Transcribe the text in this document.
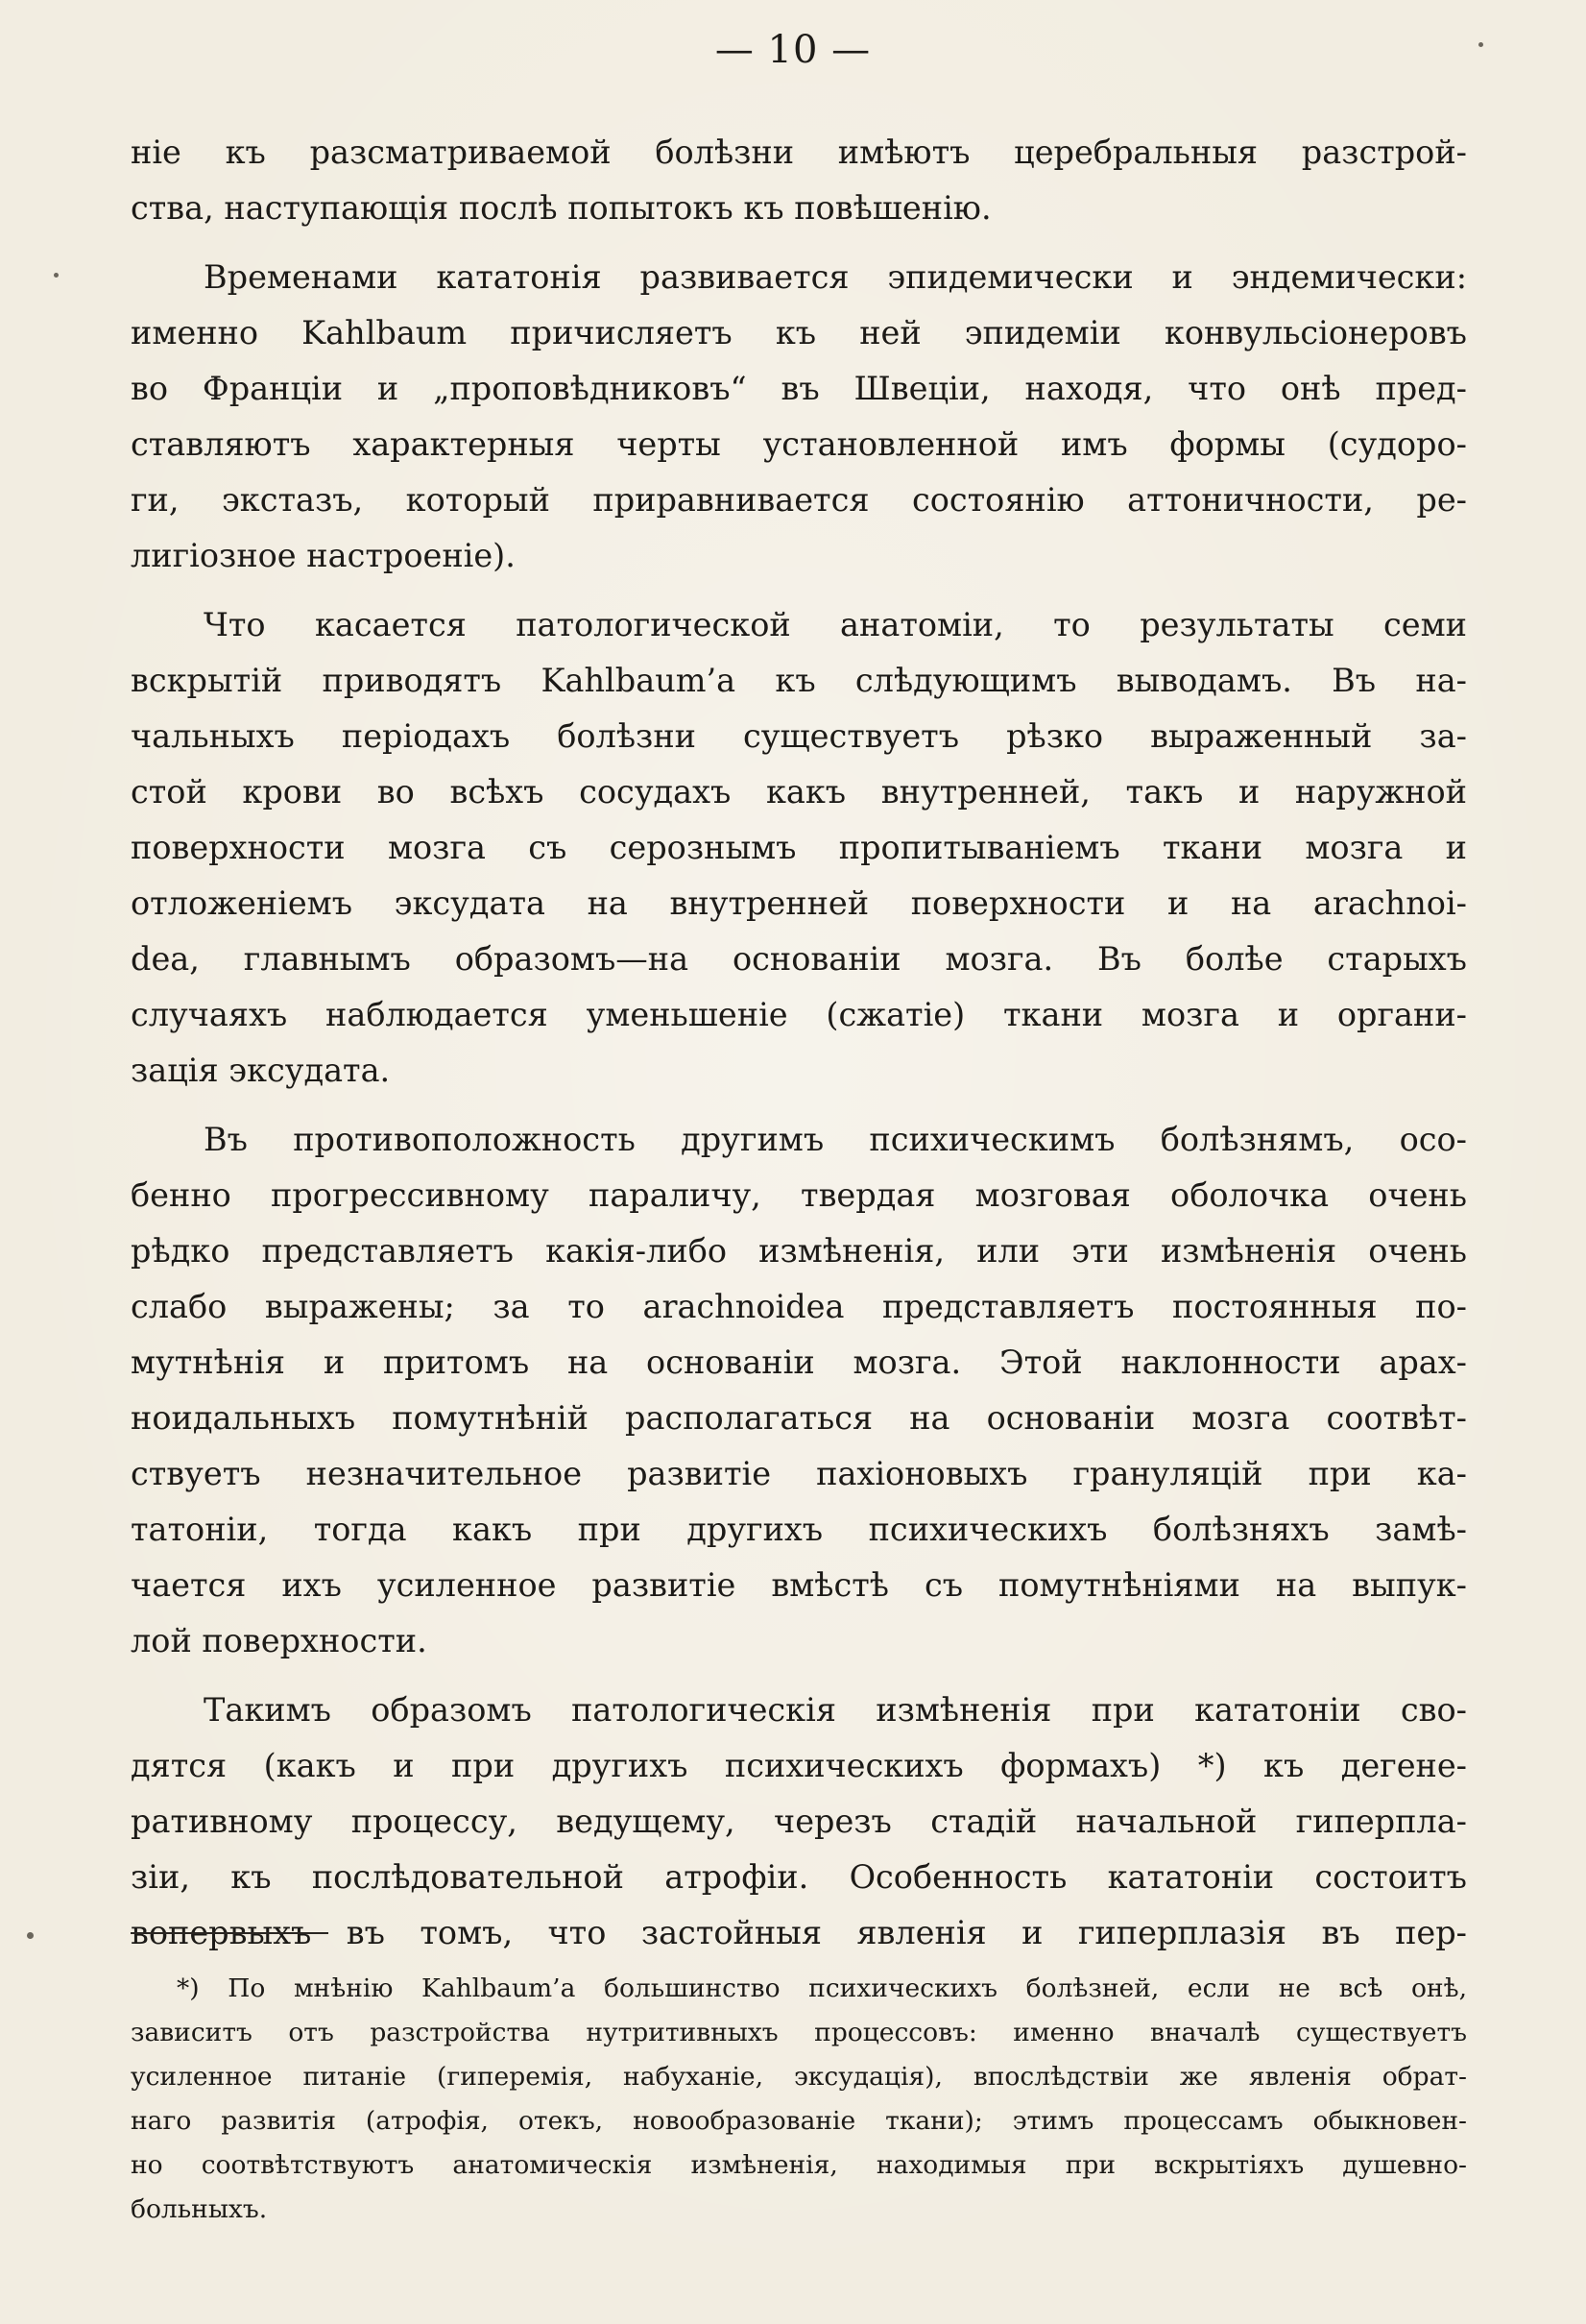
— 10 —
ніе къ разсматриваемой болѣзни имѣютъ церебральныя разстрой-
ства, наступающія послѣ попытокъ къ повѣшенію.
Временами кататонія развивается эпидемически и эндемически:
именно Kahlbaum причисляетъ къ ней эпидеміи конвульсіонеровъ
во Франціи и „проповѣдниковъ“ въ Швеціи, находя, что онѣ пред-
ставляютъ характерныя черты установленной имъ формы (судоро-
ги, экстазъ, который приравнивается состоянію аттоничности, ре-
лигіозное настроеніе).
Что касается патологической анатоміи, то результаты семи
вскрытій приводятъ Kahlbaum’а къ слѣдующимъ выводамъ. Въ на-
чальныхъ періодахъ болѣзни существуетъ рѣзко выраженный за-
стой крови во всѣхъ сосудахъ какъ внутренней, такъ и наружной
поверхности мозга съ серознымъ пропитываніемъ ткани мозга и
отложеніемъ эксудата на внутренней поверхности и на arachnoi-
dea, главнымъ образомъ—на основаніи мозга. Въ болѣе старыхъ
случаяхъ наблюдается уменьшеніе (сжатіе) ткани мозга и органи-
зація эксудата.
Въ противоположность другимъ психическимъ болѣзнямъ, осо-
бенно прогрессивному параличу, твердая мозговая оболочка очень
рѣдко представляетъ какія-либо измѣненія, или эти измѣненія очень
слабо выражены; за то arachnoidea представляетъ постоянныя по-
мутнѣнія и притомъ на основаніи мозга. Этой наклонности арах-
ноидальныхъ помутнѣній располагаться на основаніи мозга соотвѣт-
ствуетъ незначительное развитіе пахіоновыхъ грануляцій при ка-
татоніи, тогда какъ при другихъ психическихъ болѣзняхъ замѣ-
чается ихъ усиленное развитіе вмѣстѣ съ помутнѣніями на выпук-
лой поверхности.
Такимъ образомъ патологическія измѣненія при кататоніи сво-
дятся (какъ и при другихъ психическихъ формахъ) *) къ дегене-
ративному процессу, ведущему, черезъ стадій начальной гиперпла-
зіи, къ послѣдовательной атрофіи. Особенность кататоніи состоитъ
вопервыхъ въ томъ, что застойныя явленія и гиперплазія въ пер-
*) По мнѣнію Kahlbaum’а большинство психическихъ болѣзней, если не всѣ онѣ,
зависитъ отъ разстройства нутритивныхъ процессовъ: именно вначалѣ существуетъ
усиленное питаніе (гиперемія, набуханіе, эксудація), впослѣдствіи же явленія обрат-
наго развитія (атрофія, отекъ, новообразованіе ткани); этимъ процессамъ обыкновен-
но соотвѣтствуютъ анатомическія измѣненія, находимыя при вскрытіяхъ душевно-
больныхъ.
